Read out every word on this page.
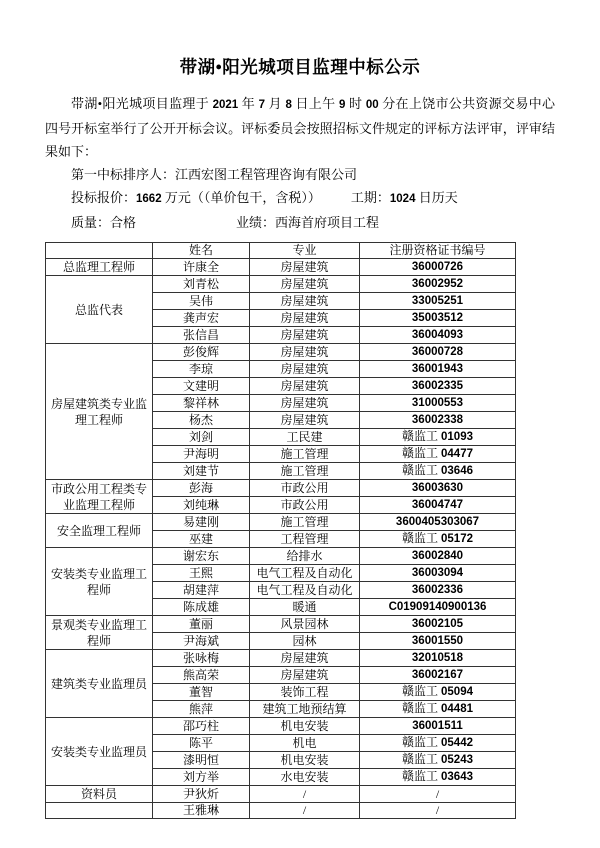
带湖•阳光城项目监理中标公示

带湖•阳光城项目监理于 2021 年 7 月 8 日上午 9 时 00 分在上饶市公共资源交易中心四号开标室举行了公开开标会议。评标委员会按照招标文件规定的评标方法评审，评审结果如下：

第一中标排序人：江西宏图工程管理咨询有限公司

投标报价：1662 万元（（单价包干，含税）） 工期：1024 日历天

质量：合格	业绩：西海首府项目工程

	姓名	专业	注册资格证书编号
总监理工程师	许康全	房屋建筑	36000726
总监代表	刘青松	房屋建筑	36002952
	吴伟	房屋建筑	33005251
	龚声宏	房屋建筑	35003512
	张信昌	房屋建筑	36004093
房屋建筑类专业监理工程师	彭俊辉	房屋建筑	36000728
	李琼	房屋建筑	36001943
	文建明	房屋建筑	36002335
	黎祥林	房屋建筑	31000553
	杨杰	房屋建筑	36002338
	刘剑	工民建	赣监工 01093
	尹海明	施工管理	赣监工 04477
	刘建节	施工管理	赣监工 03646
市政公用工程类专业监理工程师	彭海	市政公用	36003630
	刘纯琳	市政公用	36004747
安全监理工程师	易建刚	施工管理	3600405303067
	巫建	工程管理	赣监工 05172
安装类专业监理工程师	谢宏东	给排水	36002840
	王熙	电气工程及自动化	36003094
	胡建萍	电气工程及自动化	36002336
	陈成雄	暖通	C01909140900136
景观类专业监理工程师	董丽	风景园林	36002105
	尹海斌	园林	36001550
建筑类专业监理员	张咏梅	房屋建筑	32010518
	熊高荣	房屋建筑	36002167
	董智	装饰工程	赣监工 05094
	熊萍	建筑工地预结算	赣监工 04481
安装类专业监理员	邵巧柱	机电安装	36001511
	陈平	机电	赣监工 05442
	漆明恒	机电安装	赣监工 05243
	刘方举	水电安装	赣监工 03643
资料员	尹狄炘	/	/
	王雅琳	/	/
